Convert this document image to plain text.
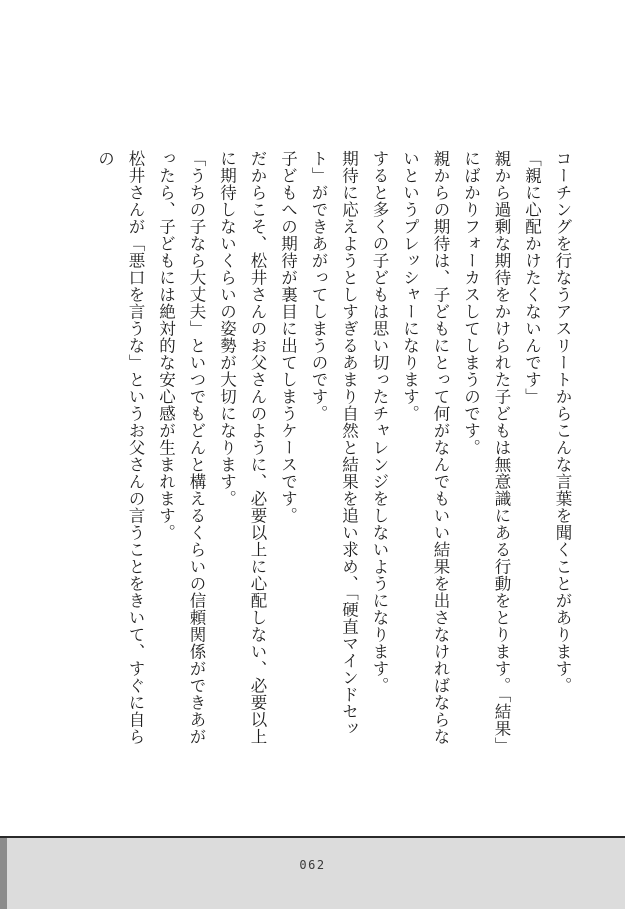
コーチングを行なうアスリートからこんな言葉を聞くことがあります。

「親に心配かけたくないんです」

親から過剰な期待をかけられた子どもは無意識にある行動をとります。「結果」にばかりフォーカスしてしまうのです。

親からの期待は、子どもにとって何がなんでもいい結果を出さなければならないというプレッシャーになります。

すると多くの子どもは思い切ったチャレンジをしないようになります。

期待に応えようとしすぎるあまり自然と結果を追い求め、「硬直マインドセット」ができあがってしまうのです。

子どもへの期待が裏目に出てしまうケースです。

だからこそ、松井さんのお父さんのように、必要以上に心配しない、必要以上に期待しないくらいの姿勢が大切になります。

「うちの子なら大丈夫」といつでもどんと構えるくらいの信頼関係ができあがったら、子どもには絶対的な安心感が生まれます。

松井さんが「悪口を言うな」というお父さんの言うことをきいて、すぐに自らの

062
